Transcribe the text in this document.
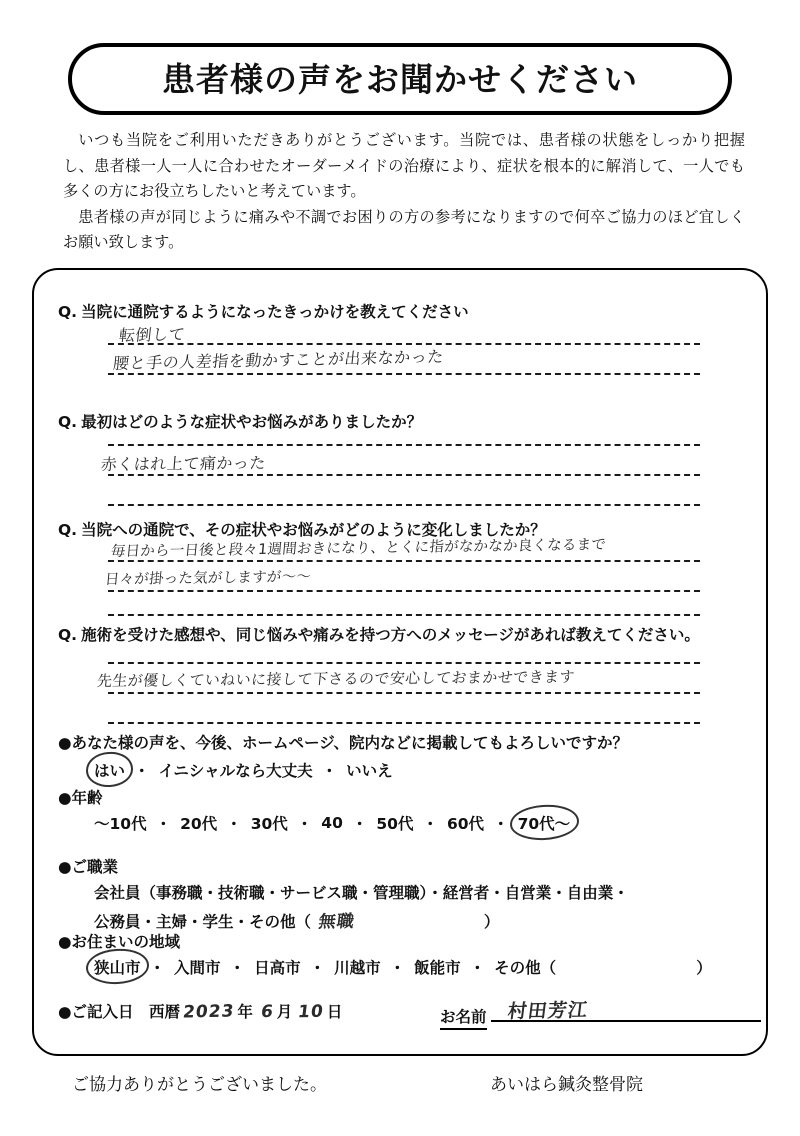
患者様の声をお聞かせください

いつも当院をご利用いただきありがとうございます。当院では、患者様の状態をしっかり把握し、患者様一人一人に合わせたオーダーメイドの治療により、症状を根本的に解消して、一人でも多くの方にお役立ちしたいと考えています。

患者様の声が同じように痛みや不調でお困りの方の参考になりますので何卒ご協力のほど宜しくお願い致します。

Q. 当院に通院するようになったきっかけを教えてください
転倒して
腰と手の人差指を動かすことが出来なかった
Q. 最初はどのような症状やお悩みがありましたか？
赤くはれ上て痛かった
Q. 当院への通院で、その症状やお悩みがどのように変化しましたか？
毎日から一日後と段々1週間おきになり、とくに指がなかなか良くなるまで
日々が掛った気がしますが～～
Q. 施術を受けた感想や、同じ悩みや痛みを持つ方へのメッセージがあれば教えてください。
先生が優しくていねいに接して下さるので安心しておまかせできます
●あなた様の声を、今後、ホームページ、院内などに掲載してもよろしいですか？
はい ・ イニシャルなら大丈夫 ・ いいえ
●年齢
～10代 ・ 20代 ・ 30代 ・ 40 ・ 50代 ・ 60代 ・ 70代～
●ご職業
会社員（事務職・技術職・サービス職・管理職）・経営者・自営業・自由業・
公務員・主婦・学生・その他（ 無職	）
●お住まいの地域
狭山市 ・ 入間市 ・ 日高市 ・ 川越市 ・ 飯能市 ・ その他 （	）
●ご記入日　西暦 2023 年 6 月 10 日	お名前 村田芳江
ご協力ありがとうございました。	あいはら鍼灸整骨院
